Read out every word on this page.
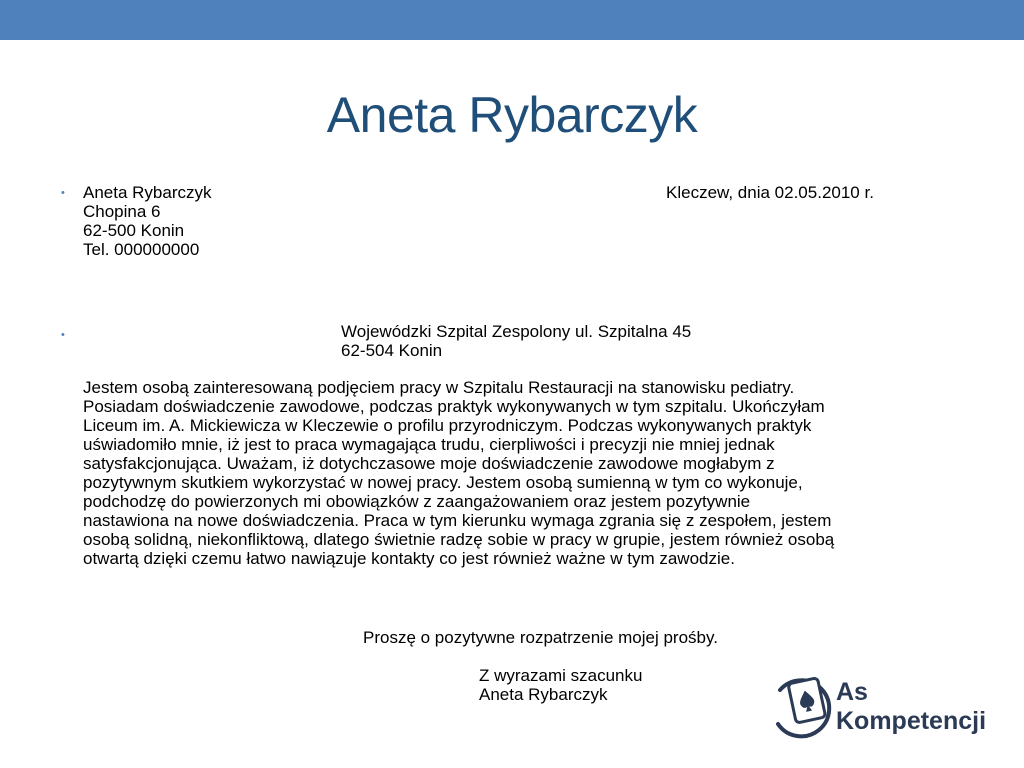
Aneta Rybarczyk
• Aneta Rybarczyk
Chopina 6
62-500 Konin
Tel. 000000000
Kleczew, dnia 02.05.2010 r.
•	Wojewódzki Szpital Zespolony ul. Szpitalna 45
62-504 Konin
Jestem osobą zainteresowaną podjęciem pracy w Szpitalu Restauracji na stanowisku pediatry.
Posiadam doświadczenie zawodowe, podczas praktyk wykonywanych w tym szpitalu. Ukończyłam
Liceum im. A. Mickiewicza w Kleczewie o profilu przyrodniczym. Podczas wykonywanych praktyk
uświadomiło mnie, iż jest to praca wymagająca trudu, cierpliwości i precyzji nie mniej jednak
satysfakcjonująca. Uważam, iż dotychczasowe moje doświadczenie zawodowe mogłabym z
pozytywnym skutkiem wykorzystać w nowej pracy. Jestem osobą sumienną w tym co wykonuje,
podchodzę do powierzonych mi obowiązków z zaangażowaniem oraz jestem pozytywnie
nastawiona na nowe doświadczenia. Praca w tym kierunku wymaga zgrania się z zespołem, jestem
osobą solidną, niekonfliktową, dlatego świetnie radzę sobie w pracy w grupie, jestem również osobą
otwartą dzięki czemu łatwo nawiązuje kontakty co jest również ważne w tym zawodzie.
Proszę o pozytywne rozpatrzenie mojej prośby.
Z wyrazami szacunku
Aneta Rybarczyk	As
Kompetencji
